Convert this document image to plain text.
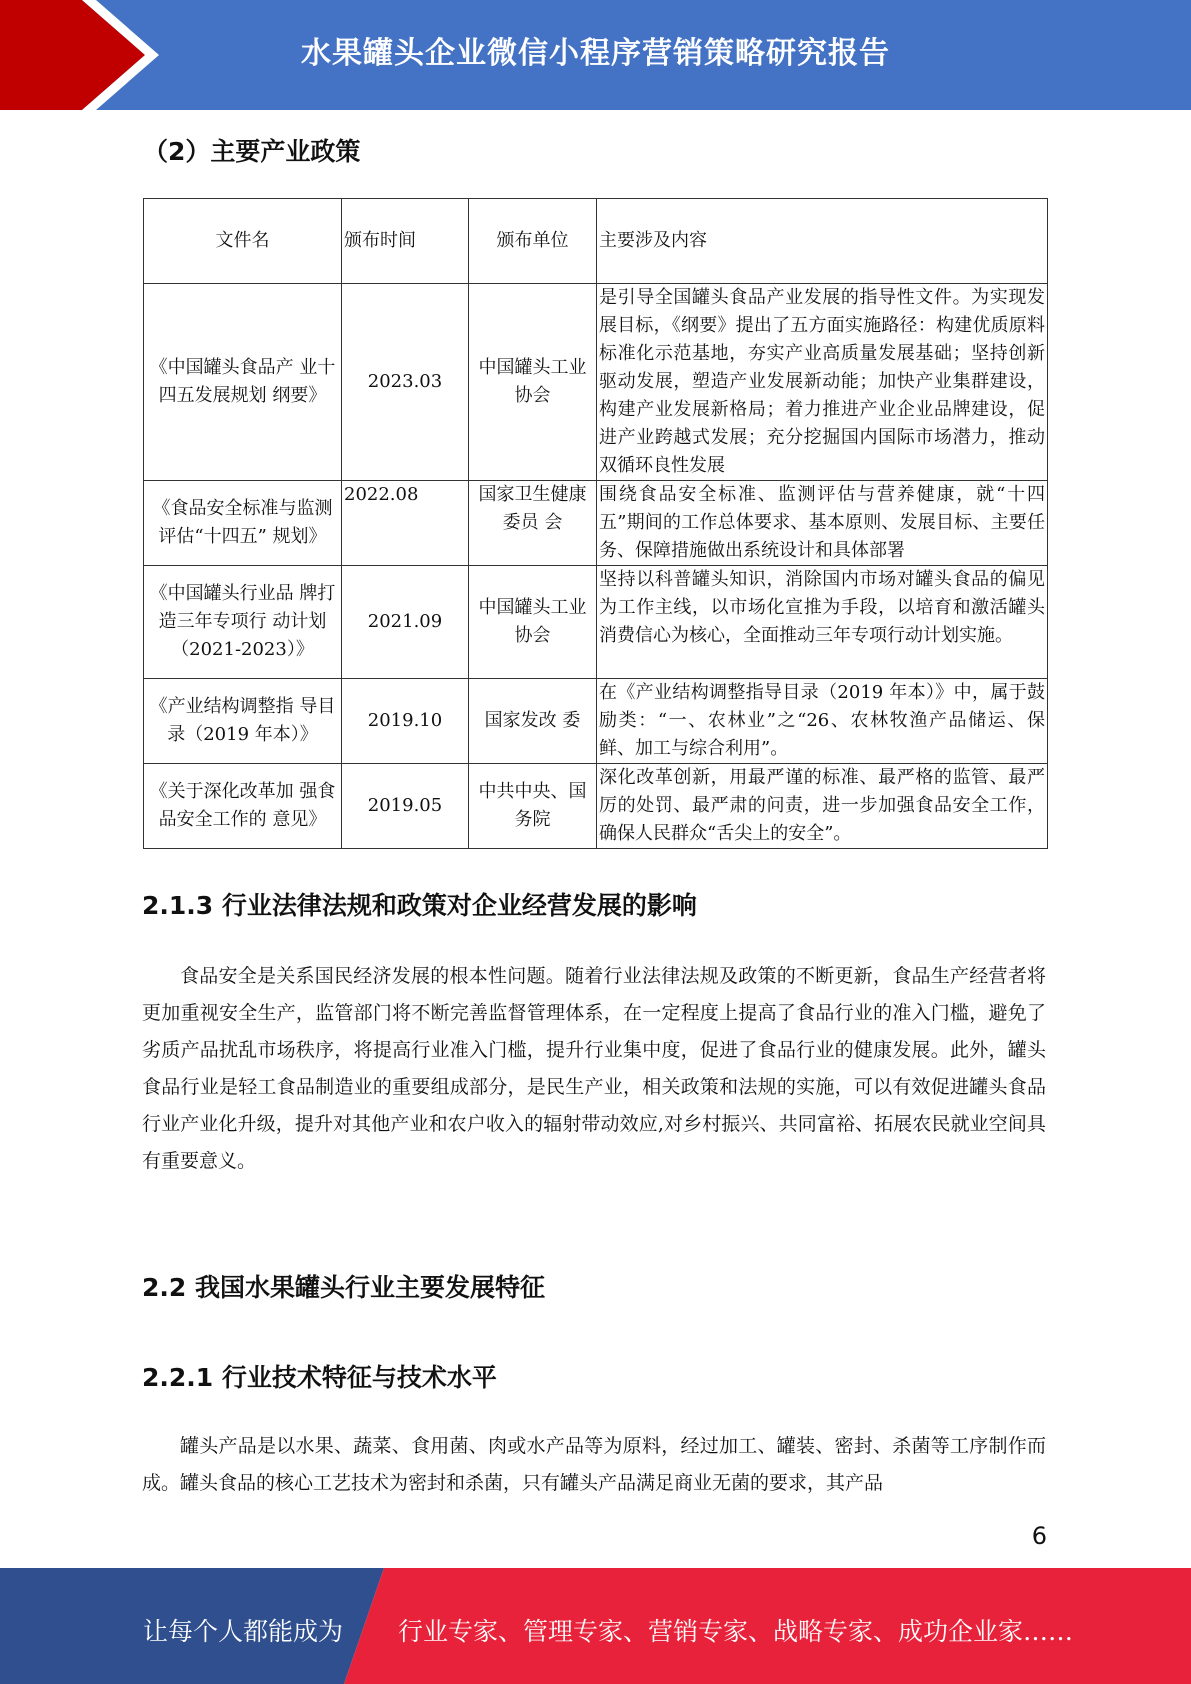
水果罐头企业微信小程序营销策略研究报告
（2）主要产业政策
文件名	颁布时间	颁布单位	主要涉及内容
《中国罐头食品产 业十四五发展规划 纲要》	2023.03	中国罐头工业协会	是引导全国罐头食品产业发展的指导性文件。为实现发展目标，《纲要》提出了五方面实施路径：构建优质原料标准化示范基地，夯实产业高质量发展基础；坚持创新驱动发展，塑造产业发展新动能；加快产业集群建设，构建产业发展新格局；着力推进产业企业品牌建设，促进产业跨越式发展；充分挖掘国内国际市场潜力，推动双循环良性发展

《食品安全标准与监测评估“十四五” 规划》	2022.08	国家卫生健康委员 会	围绕食品安全标准、监测评估与营养健康，就“十四五”期间的工作总体要求、基本原则、发展目标、主要任务、保障措施做出系统设计和具体部署

《中国罐头行业品 牌打造三年专项行 动计划（2021-2023）》	2021.09	中国罐头工业协会	坚持以科普罐头知识，消除国内市场对罐头食品的偏见为工作主线，以市场化宣推为手段，以培育和激活罐头消费信心为核心，全面推动三年专项行动计划实施。

《产业结构调整指 导目录（2019 年本）》	2019.10	国家发改 委	在《产业结构调整指导目录（2019 年本）》中，属于鼓励类：“一、农林业”之“26、农林牧渔产品储运、保鲜、加工与综合利用”。

《关于深化改革加 强食品安全工作的 意见》	2019.05	中共中央、国务院	深化改革创新，用最严谨的标准、最严格的监管、最严厉的处罚、最严肃的问责，进一步加强食品安全工作，确保人民群众“舌尖上的安全”。
2.1.3 行业法律法规和政策对企业经营发展的影响
食品安全是关系国民经济发展的根本性问题。随着行业法律法规及政策的不断更新，食品生产经营者将更加重视安全生产，监管部门将不断完善监督管理体系，在一定程度上提高了食品行业的准入门槛，避免了劣质产品扰乱市场秩序，将提高行业准入门槛，提升行业集中度，促进了食品行业的健康发展。此外，罐头食品行业是轻工食品制造业的重要组成部分，是民生产业，相关政策和法规的实施，可以有效促进罐头食品行业产业化升级，提升对其他产业和农户收入的辐射带动效应,对乡村振兴、共同富裕、拓展农民就业空间具有重要意义。
2.2 我国水果罐头行业主要发展特征
2.2.1 行业技术特征与技术水平
罐头产品是以水果、蔬菜、食用菌、肉或水产品等为原料，经过加工、罐装、密封、杀菌等工序制作而成。罐头食品的核心工艺技术为密封和杀菌，只有罐头产品满足商业无菌的要求，其产品
6
让每个人都能成为 行业专家、管理专家、营销专家、战略专家、成功企业家……
